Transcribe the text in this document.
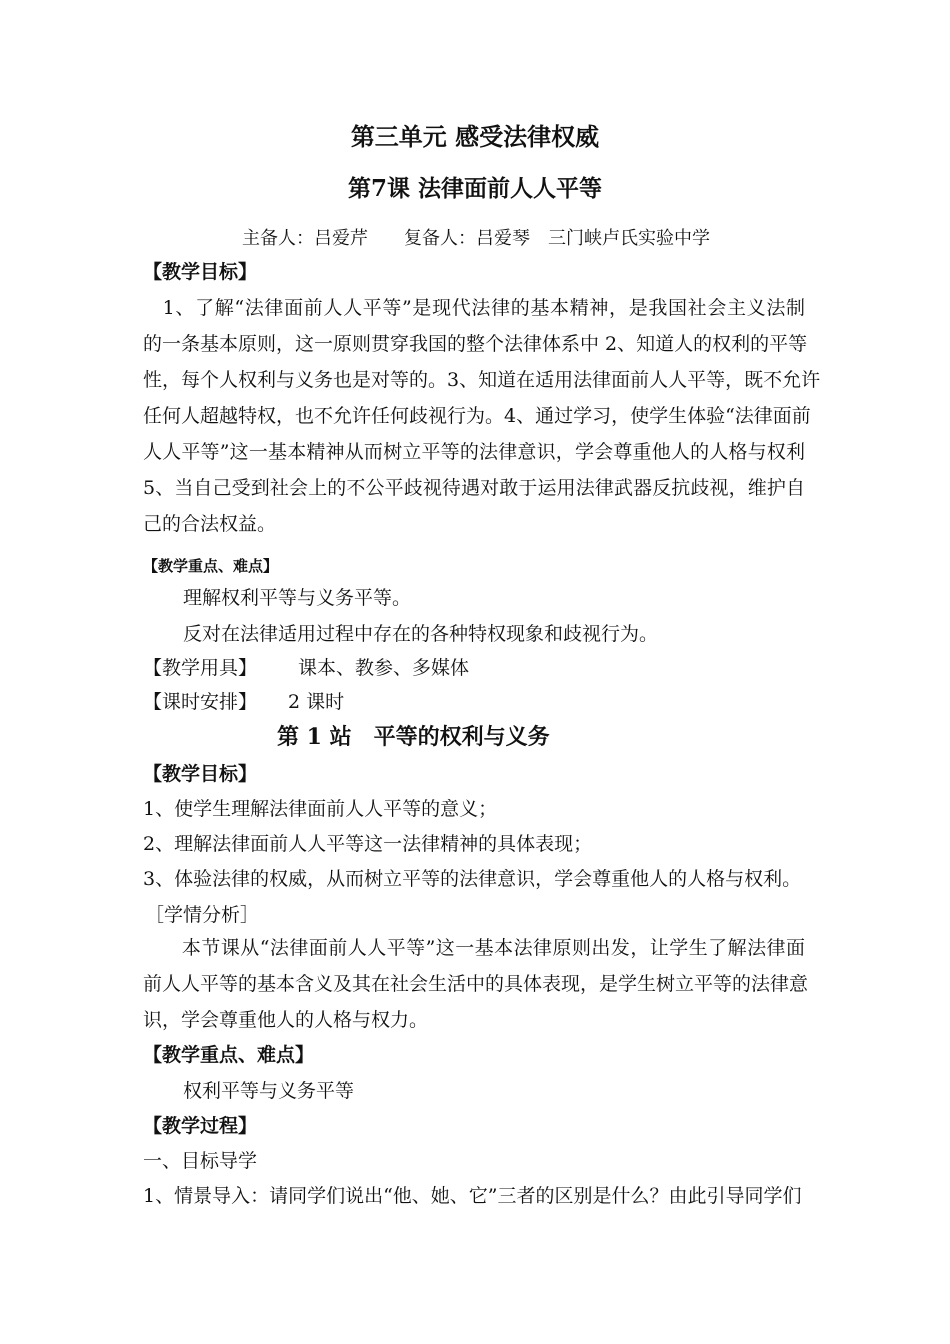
第三单元 感受法律权威
第7课 法律面前人人平等
主备人：吕爱芹　　复备人：吕爱琴　三门峡卢氏实验中学
【教学目标】
　1、了解“法律面前人人平等”是现代法律的基本精神，是我国社会主义法制
的一条基本原则，这一原则贯穿我国的整个法律体系中 2、知道人的权利的平等
性，每个人权利与义务也是对等的。3、知道在适用法律面前人人平等，既不允许
任何人超越特权，也不允许任何歧视行为。4、通过学习，使学生体验“法律面前
人人平等”这一基本精神从而树立平等的法律意识，学会尊重他人的人格与权利
5、当自己受到社会上的不公平歧视待遇对敢于运用法律武器反抗歧视，维护自
己的合法权益。
【教学重点、难点】
理解权利平等与义务平等。
反对在法律适用过程中存在的各种特权现象和歧视行为。
【教学用具】 课本、教参、多媒体
【课时安排】 2 课时
第 1 站　平等的权利与义务
【教学目标】
1、使学生理解法律面前人人平等的意义；
2、理解法律面前人人平等这一法律精神的具体表现；
3、体验法律的权威，从而树立平等的法律意识，学会尊重他人的人格与权利。
［学情分析］
　　本节课从“法律面前人人平等”这一基本法律原则出发，让学生了解法律面
前人人平等的基本含义及其在社会生活中的具体表现，是学生树立平等的法律意
识，学会尊重他人的人格与权力。
【教学重点、难点】
权利平等与义务平等
【教学过程】
一、目标导学
1、情景导入：请同学们说出“他、她、它”三者的区别是什么？由此引导同学们
